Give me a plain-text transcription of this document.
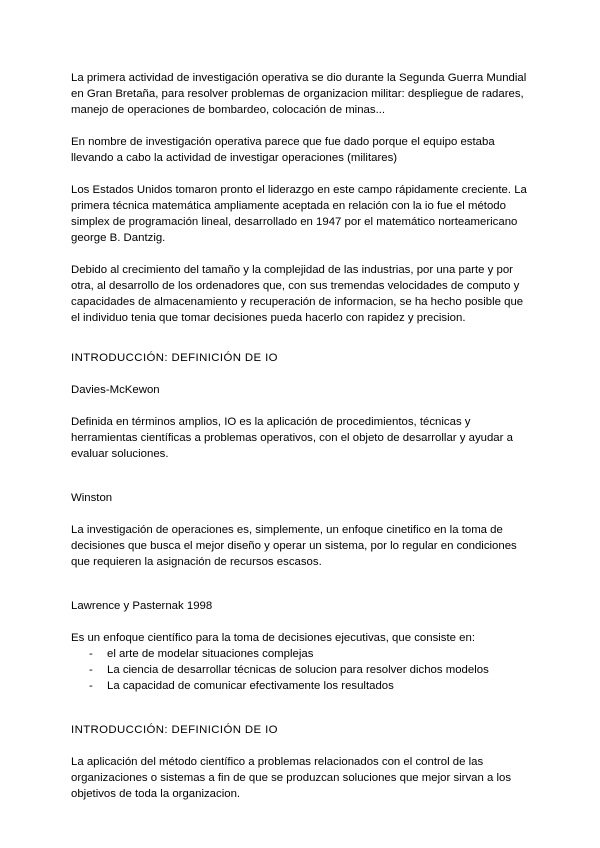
La primera actividad de investigación operativa se dio durante la Segunda Guerra Mundial en Gran Bretaña, para resolver problemas de organizacion militar: despliegue de radares, manejo de operaciones de bombardeo, colocación de minas...

En nombre de investigación operativa parece que fue dado porque el equipo estaba llevando a cabo la actividad de investigar operaciones (militares)

Los Estados Unidos tomaron pronto el liderazgo en este campo rápidamente creciente. La primera técnica matemática ampliamente aceptada en relación con la io fue el método simplex de programación lineal, desarrollado en 1947 por el matemático norteamericano george B. Dantzig.

Debido al crecimiento del tamaño y la complejidad de las industrias, por una parte y por otra, al desarrollo de los ordenadores que, con sus tremendas velocidades de computo y capacidades de almacenamiento y recuperación de informacion, se ha hecho posible que el individuo tenia que tomar decisiones pueda hacerlo con rapidez y precision.

INTRODUCCIÓN: DEFINICIÓN DE IO

Davies-McKewon

Definida en términos amplios, IO es la aplicación de procedimientos, técnicas y herramientas científicas a problemas operativos, con el objeto de desarrollar y ayudar a evaluar soluciones.

Winston

La investigación de operaciones es, simplemente, un enfoque cinetifico en la toma de decisiones que busca el mejor diseño y operar un sistema, por lo regular en condiciones que requieren la asignación de recursos escasos.

Lawrence y Pasternak 1998

Es un enfoque científico para la toma de decisiones ejecutivas, que consiste en:

- el arte de modelar situaciones complejas
- La ciencia de desarrollar técnicas de solucion para resolver dichos modelos
- La capacidad de comunicar efectivamente los resultados

INTRODUCCIÓN: DEFINICIÓN DE IO

La aplicación del método científico a problemas relacionados con el control de las organizaciones o sistemas a fin de que se produzcan soluciones que mejor sirvan a los objetivos de toda la organizacion.
